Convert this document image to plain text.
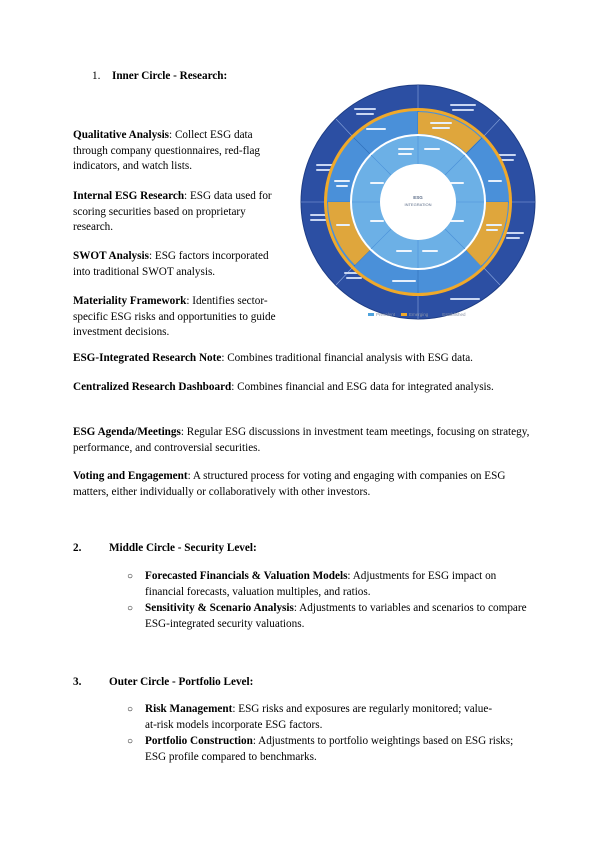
1. Inner Circle - Research:
Qualitative Analysis: Collect ESG data through company questionnaires, red-flag indicators, and watch lists.
Internal ESG Research: ESG data used for scoring securities based on proprietary research.
SWOT Analysis: ESG factors incorporated into traditional SWOT analysis.
Materiality Framework: Identifies sector-specific ESG risks and opportunities to guide investment decisions.
ESG-Integrated Research Note: Combines traditional financial analysis with ESG data.
Centralized Research Dashboard: Combines financial and ESG data for integrated analysis.
ESG Agenda/Meetings: Regular ESG discussions in investment team meetings, focusing on strategy, performance, and controversial securities.
Voting and Engagement: A structured process for voting and engaging with companies on ESG matters, either individually or collaboratively with other investors.
2. Middle Circle - Security Level:
○ Forecasted Financials & Valuation Models: Adjustments for ESG impact on financial forecasts, valuation multiples, and ratios.
○ Sensitivity & Scenario Analysis: Adjustments to variables and scenarios to compare ESG-integrated security valuations.
3. Outer Circle - Portfolio Level:
○ Risk Management: ESG risks and exposures are regularly monitored; value-at-risk models incorporate ESG factors.
○ Portfolio Construction: Adjustments to portfolio weightings based on ESG risks; ESG profile compared to benchmarks.
ESG
INTEGRATION
Prevalent	Emerging	Established
